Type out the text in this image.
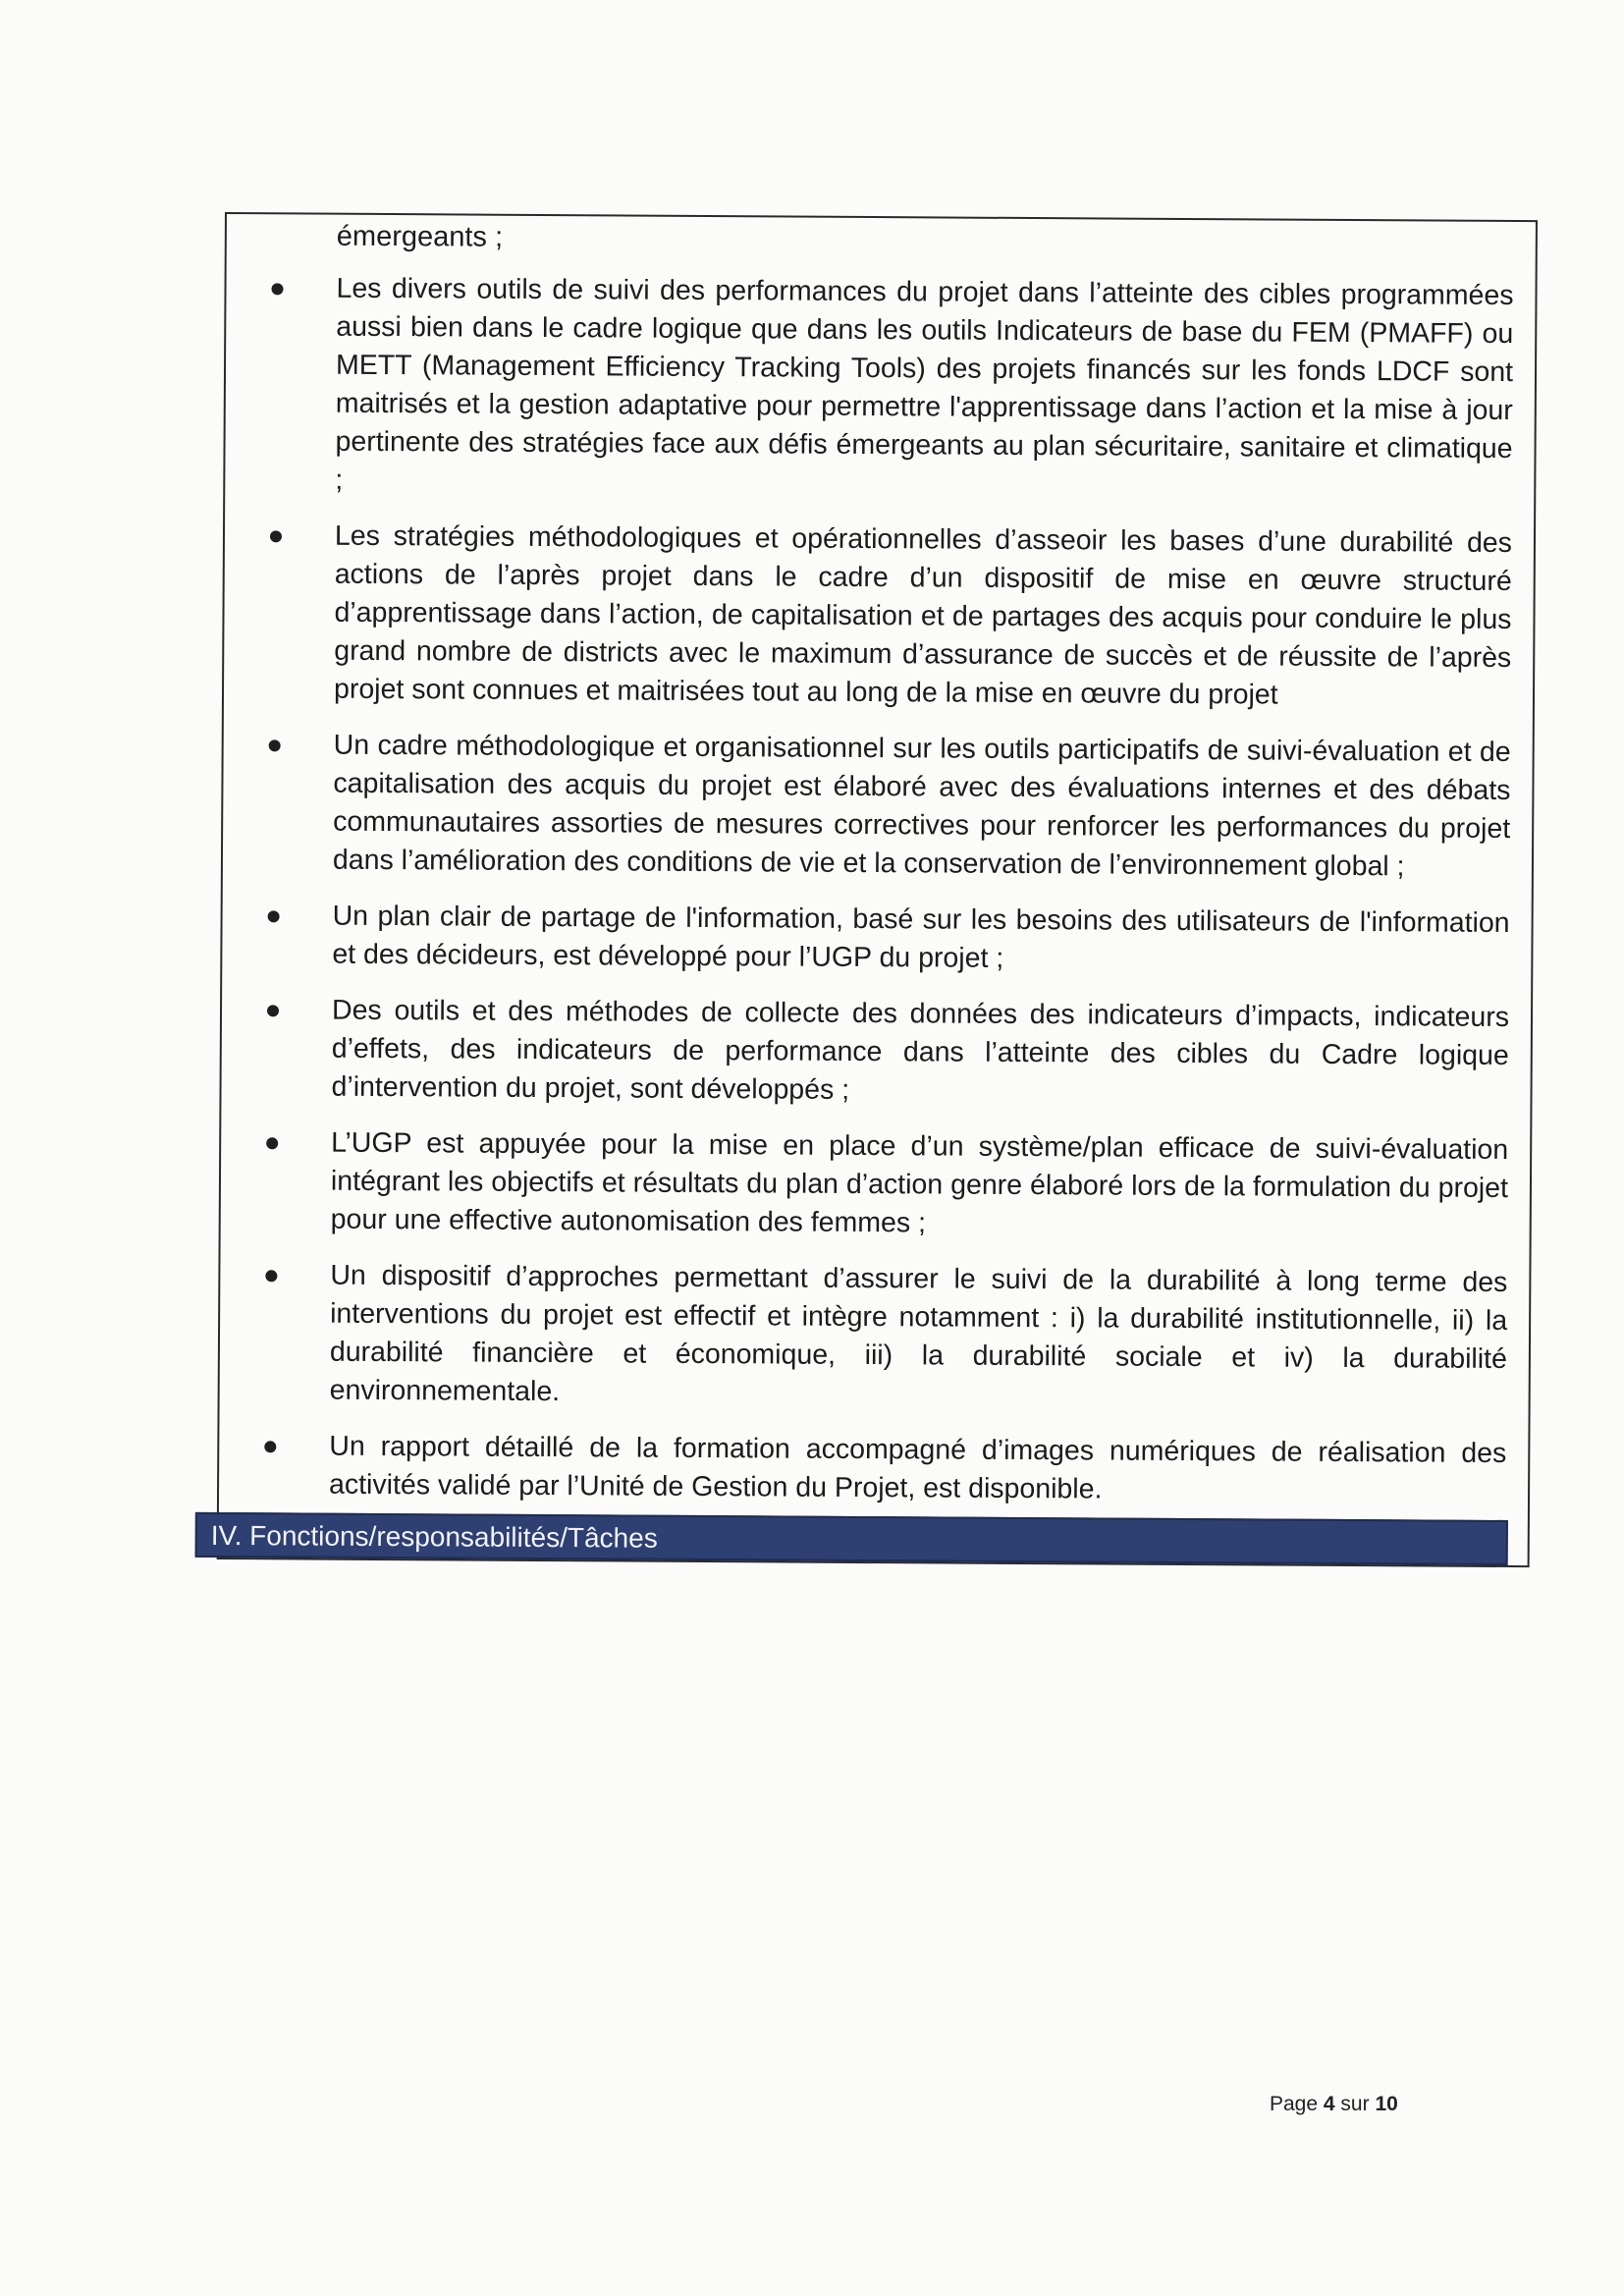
émergeants ;

Les divers outils de suivi des performances du projet dans l’atteinte des cibles programmées aussi bien dans le cadre logique que dans les outils Indicateurs de base du FEM (PMAFF) ou METT (Management Efficiency Tracking Tools) des projets financés sur les fonds LDCF sont maitrisés et la gestion adaptative pour permettre l'apprentissage dans l’action et la mise à jour pertinente des stratégies face aux défis émergeants au plan sécuritaire, sanitaire et climatique ;
Les stratégies méthodologiques et opérationnelles d’asseoir les bases d’une durabilité des actions de l’après projet dans le cadre d’un dispositif de mise en œuvre structuré d’apprentissage dans l’action, de capitalisation et de partages des acquis pour conduire le plus grand nombre de districts avec le maximum d’assurance de succès et de réussite de l’après projet sont connues et maitrisées tout au long de la mise en œuvre du projet
Un cadre méthodologique et organisationnel sur les outils participatifs de suivi-évaluation et de capitalisation des acquis du projet est élaboré avec des évaluations internes et des débats communautaires assorties de mesures correctives pour renforcer les performances du projet dans l’amélioration des conditions de vie et la conservation de l’environnement global ;
Un plan clair de partage de l'information, basé sur les besoins des utilisateurs de l'information et des décideurs, est développé pour l’UGP du projet ;
Des outils et des méthodes de collecte des données des indicateurs d’impacts, indicateurs d’effets, des indicateurs de performance dans l’atteinte des cibles du Cadre logique d’intervention du projet, sont développés ;
L’UGP est appuyée pour la mise en place d’un système/plan efficace de suivi-évaluation intégrant les objectifs et résultats du plan d’action genre élaboré lors de la formulation du projet pour une effective autonomisation des femmes ;
Un dispositif d’approches permettant d’assurer le suivi de la durabilité à long terme des interventions du projet est effectif et intègre notamment : i) la durabilité institutionnelle, ii) la durabilité financière et économique, iii) la durabilité sociale et iv) la durabilité environnementale.
Un rapport détaillé de la formation accompagné d’images numériques de réalisation des activités validé par l’Unité de Gestion du Projet, est disponible.
IV. Fonctions/responsabilités/Tâches
Page 4 sur 10
